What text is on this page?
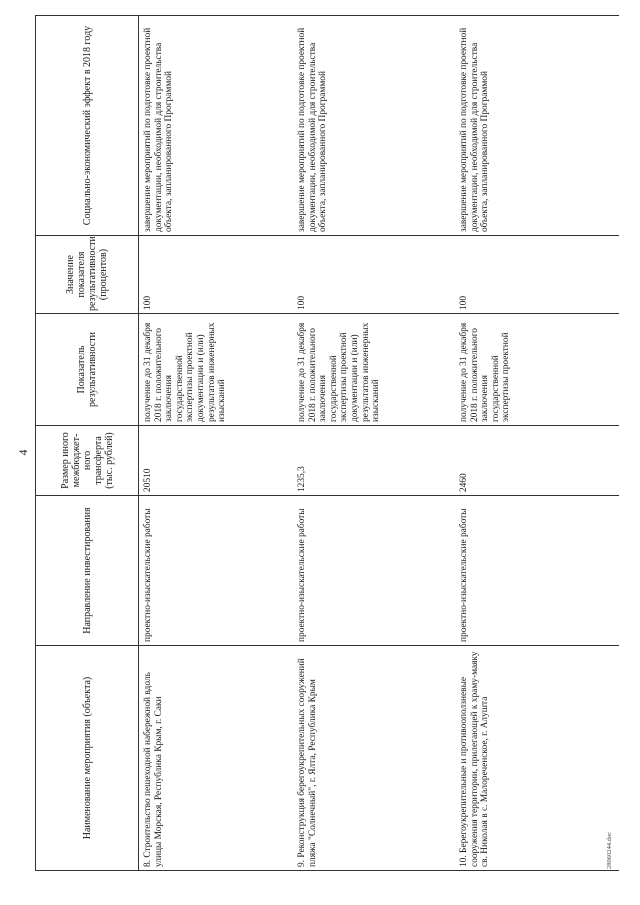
4
Наименование мероприятия (объекта)	Направление инвестирования	Размер иного межбюджет-ного трансферта (тыс. рублей)	Показатель результативности	Значение показателя результативности (процентов)	Социально-экономический эффект в 2018 году
8. Строительство пешеходной набережной вдоль улицы Морская, Республика Крым, г. Саки	проектно-изыскательские работы	20510	получение до 31 декабря 2018 г. положительного заключения государственной экспертизы проектной документации и (или) результатов инженерных изысканий	100	завершение мероприятий по подготовке проектной документации, необходимой для строительства объекта, запланированного Программой
9. Реконструкция берегоукрепительных сооружений пляжа "Солнечный", г. Ялта, Республика Крым	проектно-изыскательские работы	1235,3	получение до 31 декабря 2018 г. положительного заключения государственной экспертизы проектной документации и (или) результатов инженерных изысканий	100	завершение мероприятий по подготовке проектной документации, необходимой для строительства объекта, запланированного Программой
10. Берегоукрепительные и противооползневые сооружения территории, прилегающей к храму-маяку св. Николая в с. Малореченское, г. Алушта	проектно-изыскательские работы	2460	получение до 31 декабря 2018 г. положительного заключения государственной экспертизы проектной	100	завершение мероприятий по подготовке проектной документации, необходимой для строительства объекта, запланированного Программой
28060244.doc
